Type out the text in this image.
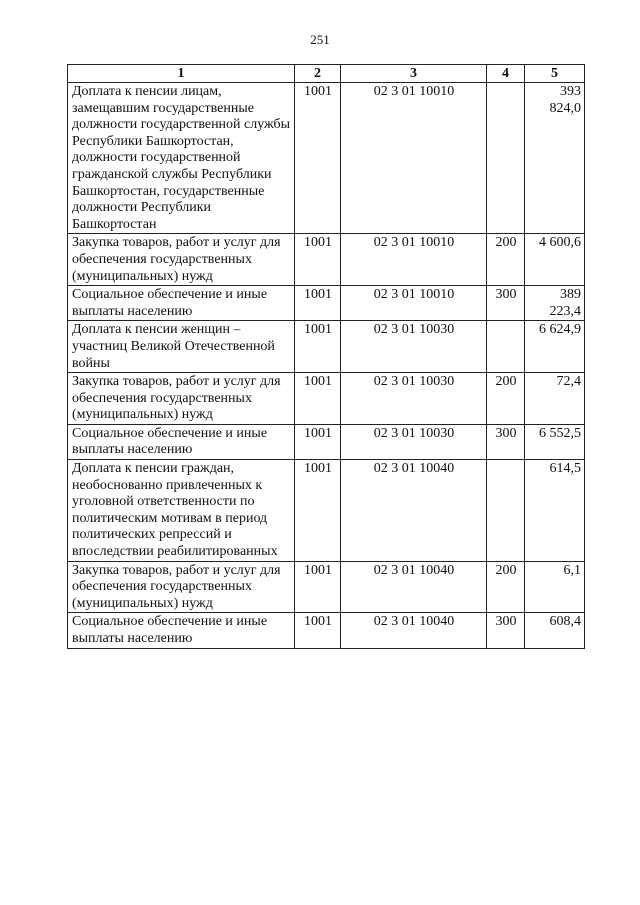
251
1	2	3	4	5
Доплата к пенсии лицам, замещавшим государственные должности государственной службы Республики Башкортостан, должности государственной гражданской службы Республики Башкортостан, государственные должности Республики Башкортостан	1001	02 3 01 10010		393 824,0
Закупка товаров, работ и услуг для обеспечения государственных (муниципальных) нужд	1001	02 3 01 10010	200	4 600,6
Социальное обеспечение и иные выплаты населению	1001	02 3 01 10010	300	389 223,4
Доплата к пенсии женщин – участниц Великой Отечественной войны	1001	02 3 01 10030		6 624,9
Закупка товаров, работ и услуг для обеспечения государственных (муниципальных) нужд	1001	02 3 01 10030	200	72,4
Социальное обеспечение и иные выплаты населению	1001	02 3 01 10030	300	6 552,5
Доплата к пенсии граждан, необоснованно привлеченных к уголовной ответственности по политическим мотивам в период политических репрессий и впоследствии реабилитированных	1001	02 3 01 10040		614,5
Закупка товаров, работ и услуг для обеспечения государственных (муниципальных) нужд	1001	02 3 01 10040	200	6,1
Социальное обеспечение и иные выплаты населению	1001	02 3 01 10040	300	608,4
